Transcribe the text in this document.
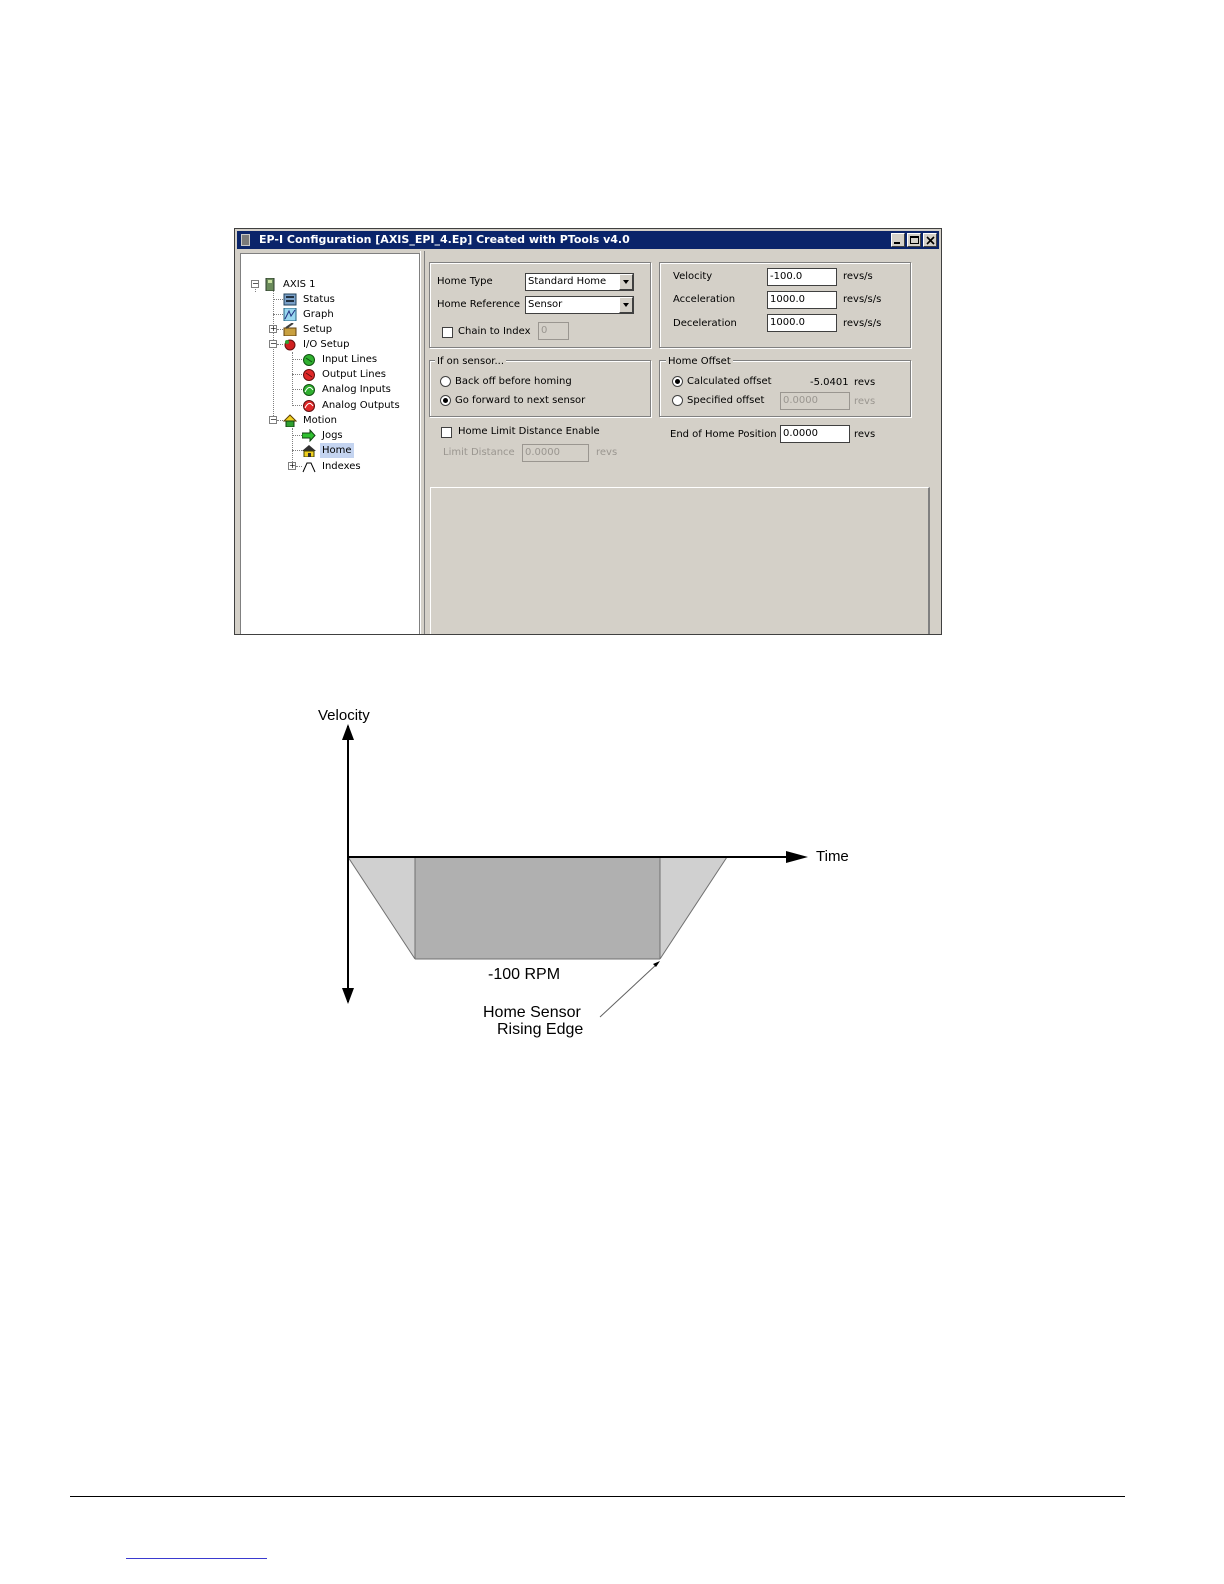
EP-I Configuration [AXIS_EPI_4.Ep] Created with PTools v4.0
−
+
−
−
+
AXIS 1
Status
Graph
Setup
I/O Setup
Input Lines
Output Lines
Analog Inputs
Analog Outputs
Motion
Jogs
Home
Indexes
Home Type	Standard Home
Home Reference Sensor
Chain to Index	0
Velocity	-100.0	revs/s
Acceleration	1000.0	revs/s/s
Deceleration	1000.0	revs/s/s
If on sensor...
Back off before homing
Go forward to next sensor
Home Offset
Calculated offset	-5.0401 revs
Specified offset	0.0000	revs
Home Limit Distance Enable
Limit Distance	0.0000	revs
End of Home Position 0.0000	revs
Velocity
Time
-100 RPM
Home Sensor
Rising Edge
